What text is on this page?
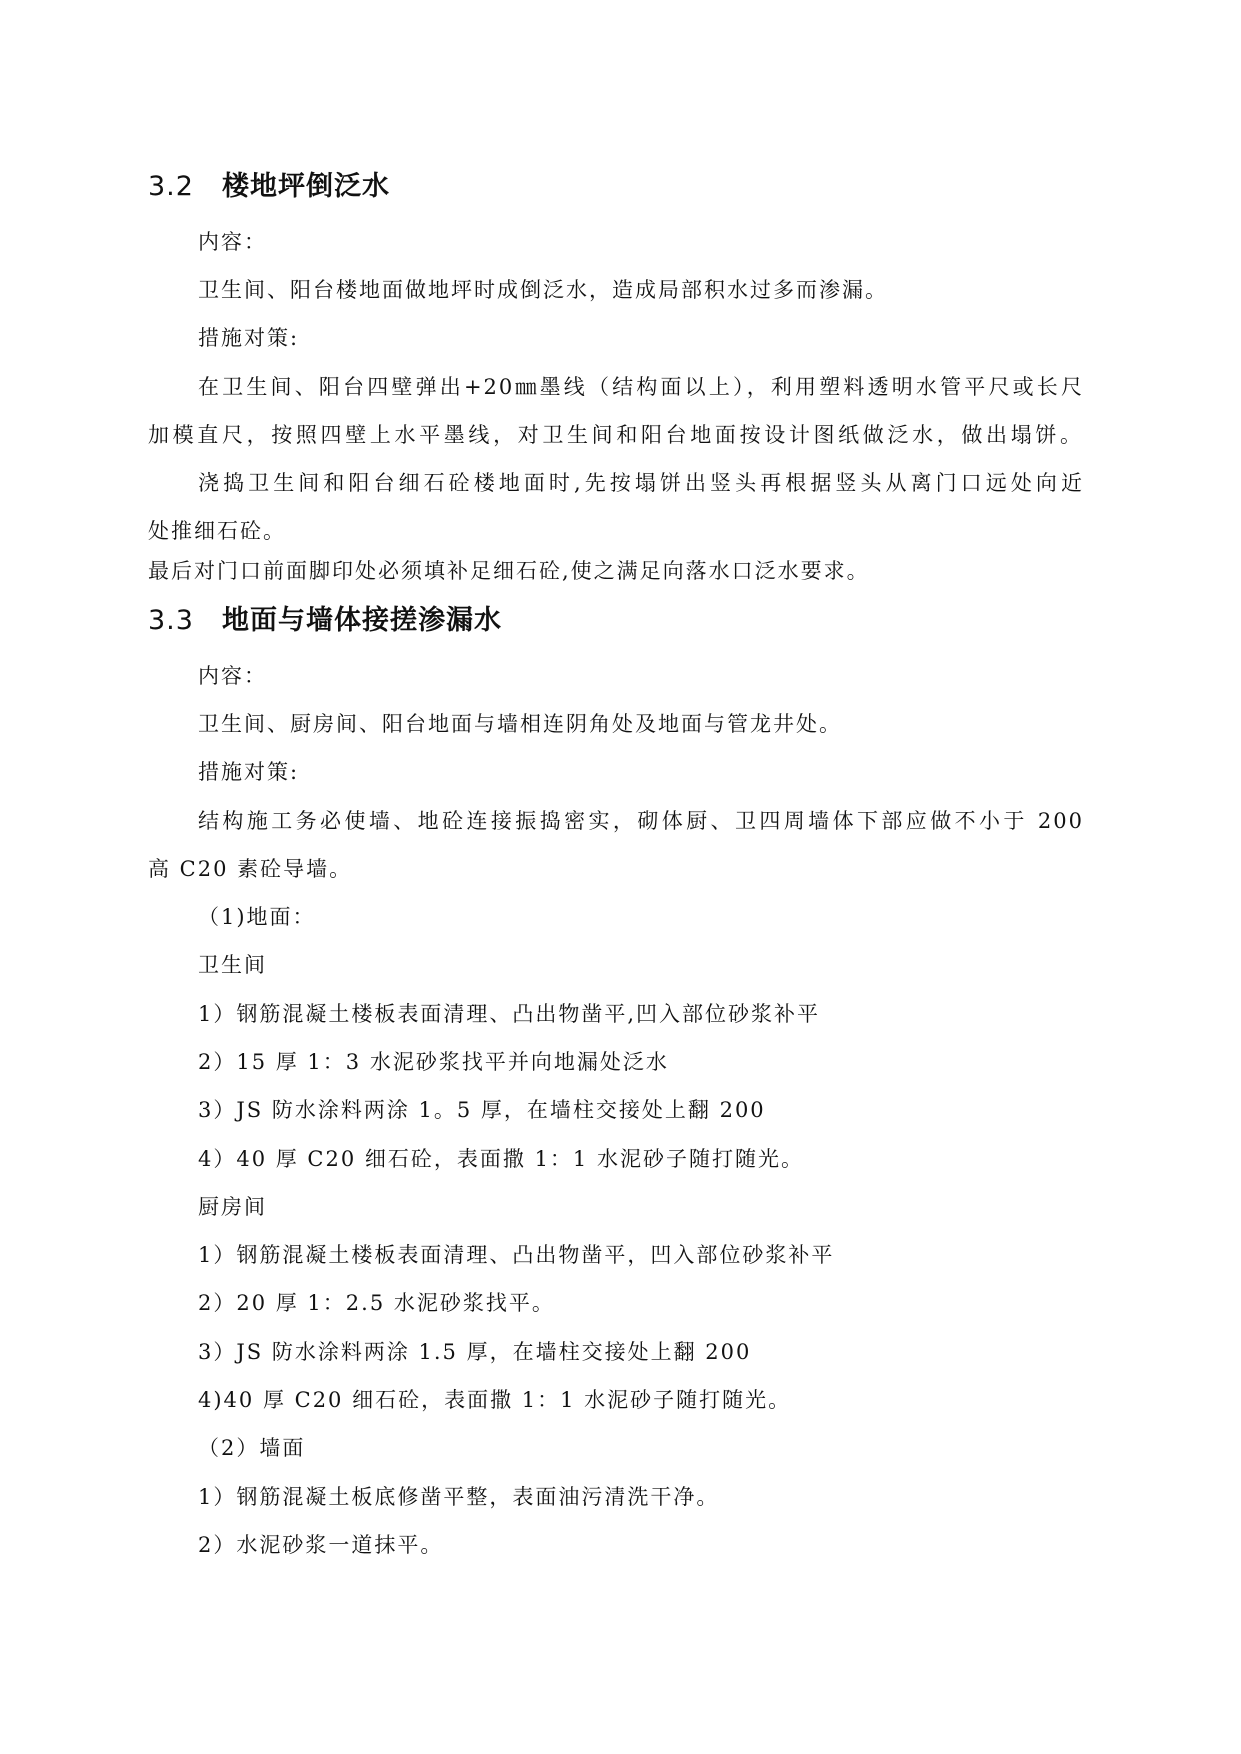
3.2 楼地坪倒泛水
内容：
卫生间、阳台楼地面做地坪时成倒泛水，造成局部积水过多而渗漏。
措施对策:
在卫生间、阳台四壁弹出+20㎜墨线（结构面以上），利用塑料透明水管平尺或长尺
加模直尺，按照四壁上水平墨线，对卫生间和阳台地面按设计图纸做泛水，做出塌饼。
浇捣卫生间和阳台细石砼楼地面时,先按塌饼出竖头再根据竖头从离门口远处向近
处推细石砼。
最后对门口前面脚印处必须填补足细石砼,使之满足向落水口泛水要求。
3.3 地面与墙体接搓渗漏水
内容：
卫生间、厨房间、阳台地面与墙相连阴角处及地面与管龙井处。
措施对策:
结构施工务必使墙、地砼连接振捣密实，砌体厨、卫四周墙体下部应做不小于 200
高 C20 素砼导墙。
（1)地面：
卫生间
1）钢筋混凝土楼板表面清理、凸出物凿平,凹入部位砂浆补平
2）15 厚 1：3 水泥砂浆找平并向地漏处泛水
3）JS 防水涂料两涂 1。5 厚，在墙柱交接处上翻 200
4）40 厚 C20 细石砼，表面撒 1：1 水泥砂子随打随光。
厨房间
1）钢筋混凝土楼板表面清理、凸出物凿平，凹入部位砂浆补平
2）20 厚 1：2.5 水泥砂浆找平。
3）JS 防水涂料两涂 1.5 厚，在墙柱交接处上翻 200
4)40 厚 C20 细石砼，表面撒 1：1 水泥砂子随打随光。
（2）墙面
1）钢筋混凝土板底修凿平整，表面油污清洗干净。
2）水泥砂浆一道抹平。
